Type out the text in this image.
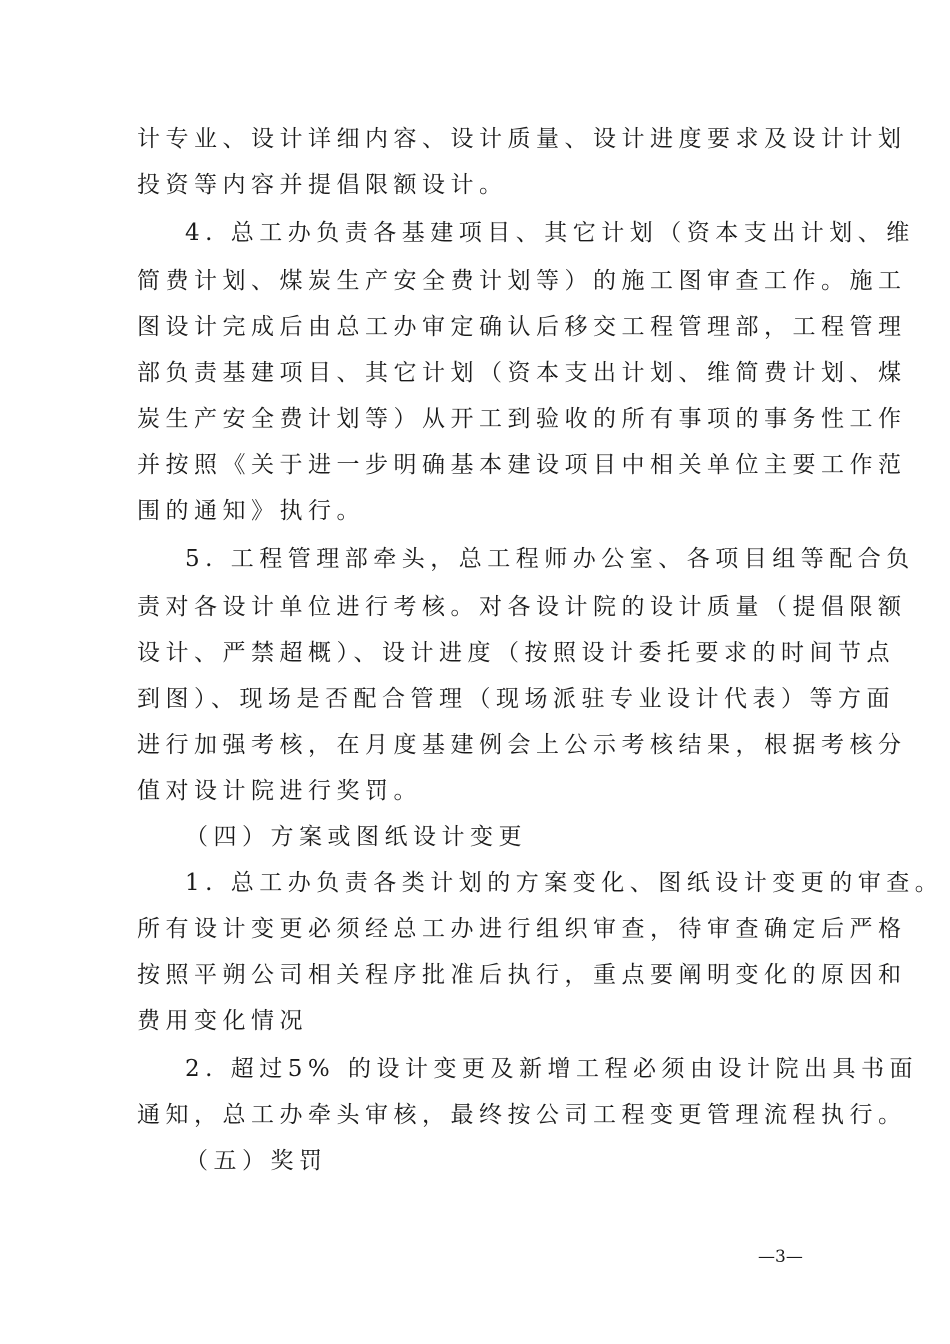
计专业、设计详细内容、设计质量、设计进度要求及设计计划
投资等内容并提倡限额设计。
4. 总工办负责各基建项目、其它计划（资本支出计划、维
简费计划、煤炭生产安全费计划等）的施工图审查工作。施工
图设计完成后由总工办审定确认后移交工程管理部，工程管理
部负责基建项目、其它计划（资本支出计划、维简费计划、煤
炭生产安全费计划等）从开工到验收的所有事项的事务性工作
并按照《关于进一步明确基本建设项目中相关单位主要工作范
围的通知》执行。
5. 工程管理部牵头，总工程师办公室、各项目组等配合负
责对各设计单位进行考核。对各设计院的设计质量（提倡限额
设计、严禁超概）、设计进度（按照设计委托要求的时间节点
到图）、现场是否配合管理（现场派驻专业设计代表）等方面
进行加强考核，在月度基建例会上公示考核结果，根据考核分
值对设计院进行奖罚。
（四）方案或图纸设计变更
1. 总工办负责各类计划的方案变化、图纸设计变更的审查。
所有设计变更必须经总工办进行组织审查，待审查确定后严格
按照平朔公司相关程序批准后执行，重点要阐明变化的原因和
费用变化情况
2. 超过5% 的设计变更及新增工程必须由设计院出具书面
通知，总工办牵头审核，最终按公司工程变更管理流程执行。
（五）奖罚
—3—
